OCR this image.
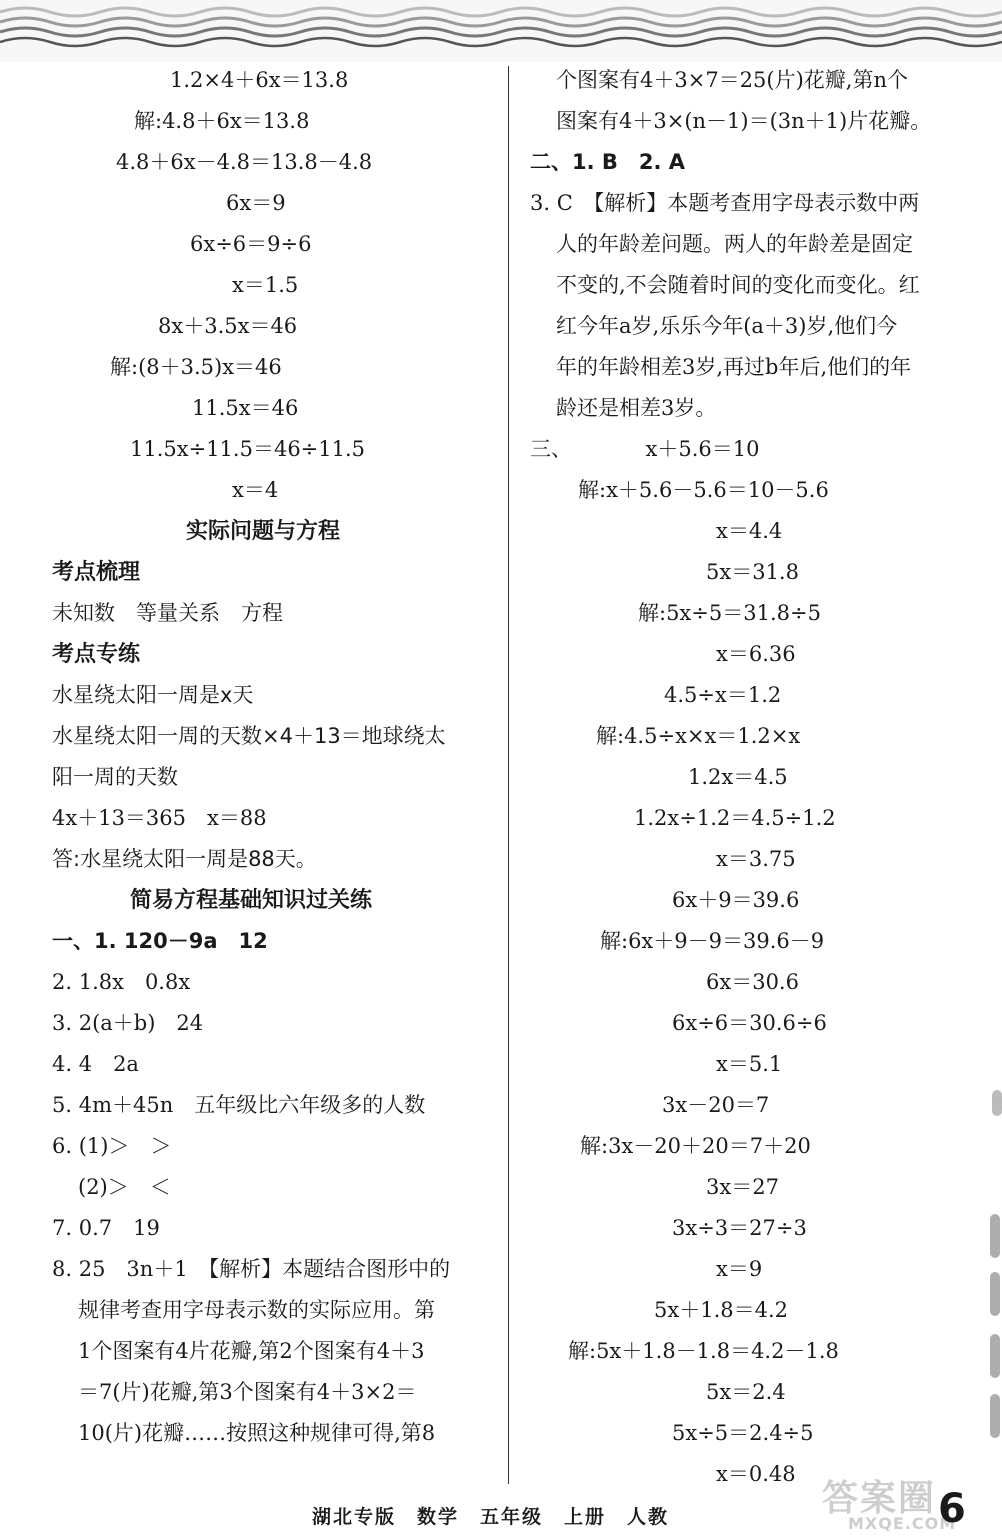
1.2×4＋6x＝13.8
解:4.8＋6x＝13.8
4.8＋6x－4.8＝13.8－4.8
6x＝9
6x÷6＝9÷6
x＝1.5
8x＋3.5x＝46
解:(8＋3.5)x＝46
11.5x＝46
11.5x÷11.5＝46÷11.5
x＝4
实际问题与方程
考点梳理
未知数　等量关系　方程
考点专练
水星绕太阳一周是x天
水星绕太阳一周的天数×4＋13＝地球绕太
阳一周的天数
4x＋13＝365　x＝88
答:水星绕太阳一周是88天。
简易方程基础知识过关练
一、1. 120－9a　12
2. 1.8x　0.8x
3. 2(a＋b)　24
4. 4　2a
5. 4m＋45n　五年级比六年级多的人数
6. (1)＞　＞
(2)＞　＜
7. 0.7　19
8. 25　3n＋1　【解析】本题结合图形中的
规律考查用字母表示数的实际应用。第
1个图案有4片花瓣,第2个图案有4＋3
＝7(片)花瓣,第3个图案有4＋3×2＝
10(片)花瓣……按照这种规律可得,第8
个图案有4＋3×7＝25(片)花瓣,第n个
图案有4＋3×(n－1)＝(3n＋1)片花瓣。
二、1. B　2. A
3. C　【解析】本题考查用字母表示数中两
人的年龄差问题。两人的年龄差是固定
不变的,不会随着时间的变化而变化。红
红今年a岁,乐乐今年(a＋3)岁,他们今
年的年龄相差3岁,再过b年后,他们的年
龄还是相差3岁。
三、　　　　x＋5.6＝10
解:x＋5.6－5.6＝10－5.6
x＝4.4
5x＝31.8
解:5x÷5＝31.8÷5
x＝6.36
4.5÷x＝1.2
解:4.5÷x×x＝1.2×x
1.2x＝4.5
1.2x÷1.2＝4.5÷1.2
x＝3.75
6x＋9＝39.6
解:6x＋9－9＝39.6－9
6x＝30.6
6x÷6＝30.6÷6
x＝5.1
3x－20＝7
解:3x－20＋20＝7＋20
3x＝27
3x÷3＝27÷3
x＝9
5x＋1.8＝4.2
解:5x＋1.8－1.8＝4.2－1.8
5x＝2.4
5x÷5＝2.4÷5
x＝0.48
答案圈
MXQE.COM
湖北专版　数学　五年级　上册　人教	6
